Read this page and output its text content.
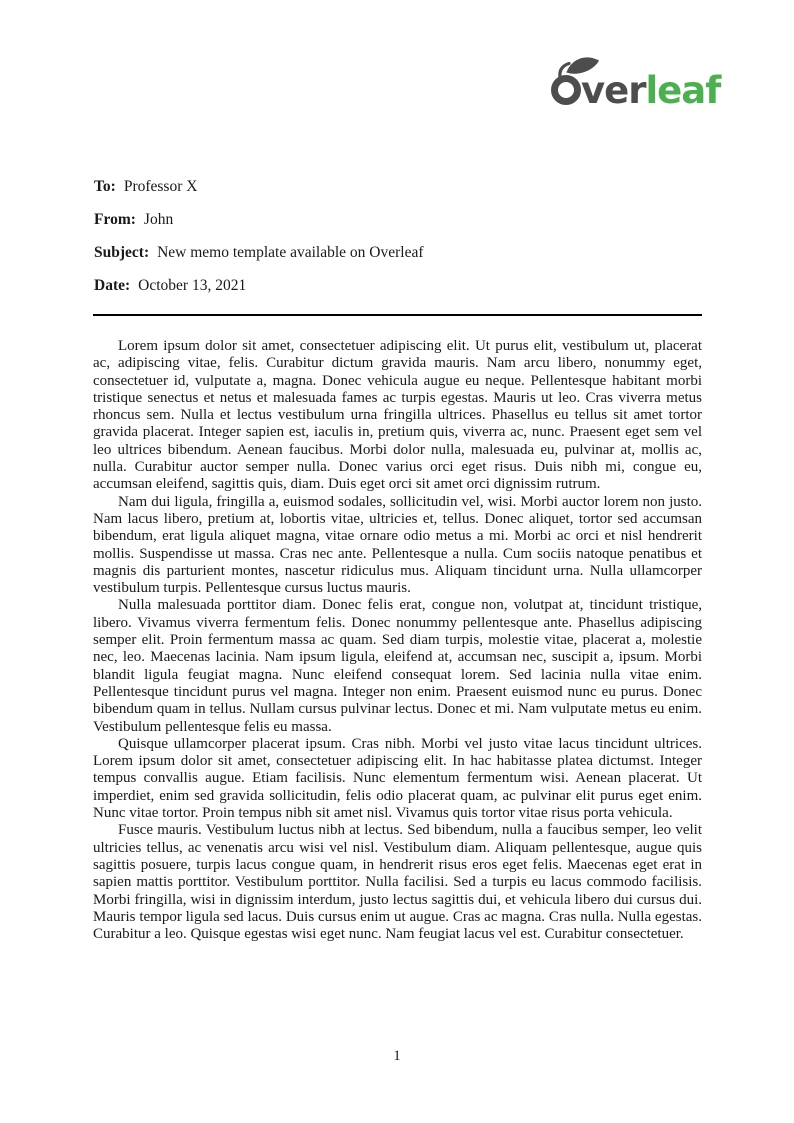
verleaf
To: Professor X
From: John
Subject: New memo template available on Overleaf
Date: October 13, 2021

Lorem ipsum dolor sit amet, consectetuer adipiscing elit. Ut purus elit, vestibulum ut, placerat ac, adipiscing vitae, felis. Curabitur dictum gravida mauris. Nam arcu libero, nonummy eget, consectetuer id, vulputate a, magna. Donec vehicula augue eu neque. Pellentesque habitant morbi tristique senectus et netus et malesuada fames ac turpis egestas. Mauris ut leo. Cras viverra metus rhoncus sem. Nulla et lectus vestibulum urna fringilla ultrices. Phasellus eu tellus sit amet tortor gravida placerat. Integer sapien est, iaculis in, pretium quis, viverra ac, nunc. Praesent eget sem vel leo ultrices bibendum. Aenean faucibus. Morbi dolor nulla, malesuada eu, pulvinar at, mollis ac, nulla. Curabitur auctor semper nulla. Donec varius orci eget risus. Duis nibh mi, congue eu, accumsan eleifend, sagittis quis, diam. Duis eget orci sit amet orci dignissim rutrum.

Nam dui ligula, fringilla a, euismod sodales, sollicitudin vel, wisi. Morbi auctor lorem non justo. Nam lacus libero, pretium at, lobortis vitae, ultricies et, tellus. Donec aliquet, tortor sed accumsan bibendum, erat ligula aliquet magna, vitae ornare odio metus a mi. Morbi ac orci et nisl hendrerit mollis. Suspendisse ut massa. Cras nec ante. Pellentesque a nulla. Cum sociis natoque penatibus et magnis dis parturient montes, nascetur ridiculus mus. Aliquam tincidunt urna. Nulla ullamcorper vestibulum turpis. Pellentesque cursus luctus mauris.

Nulla malesuada porttitor diam. Donec felis erat, congue non, volutpat at, tincidunt tristique, libero. Vivamus viverra fermentum felis. Donec nonummy pellentesque ante. Phasellus adipiscing semper elit. Proin fermentum massa ac quam. Sed diam turpis, molestie vitae, placerat a, molestie nec, leo. Maecenas lacinia. Nam ipsum ligula, eleifend at, accumsan nec, suscipit a, ipsum. Morbi blandit ligula feugiat magna. Nunc eleifend consequat lorem. Sed lacinia nulla vitae enim. Pellentesque tincidunt purus vel magna. Integer non enim. Praesent euismod nunc eu purus. Donec bibendum quam in tellus. Nullam cursus pulvinar lectus. Donec et mi. Nam vulputate metus eu enim. Vestibulum pellentesque felis eu massa.

Quisque ullamcorper placerat ipsum. Cras nibh. Morbi vel justo vitae lacus tincidunt ultrices. Lorem ipsum dolor sit amet, consectetuer adipiscing elit. In hac habitasse platea dictumst. Integer tempus convallis augue. Etiam facilisis. Nunc elementum fermentum wisi. Aenean placerat. Ut imperdiet, enim sed gravida sollicitudin, felis odio placerat quam, ac pulvinar elit purus eget enim. Nunc vitae tortor. Proin tempus nibh sit amet nisl. Vivamus quis tortor vitae risus porta vehicula.

Fusce mauris. Vestibulum luctus nibh at lectus. Sed bibendum, nulla a faucibus semper, leo velit ultricies tellus, ac venenatis arcu wisi vel nisl. Vestibulum diam. Aliquam pellentesque, augue quis sagittis posuere, turpis lacus congue quam, in hendrerit risus eros eget felis. Maecenas eget erat in sapien mattis porttitor. Vestibulum porttitor. Nulla facilisi. Sed a turpis eu lacus commodo facilisis. Morbi fringilla, wisi in dignissim interdum, justo lectus sagittis dui, et vehicula libero dui cursus dui. Mauris tempor ligula sed lacus. Duis cursus enim ut augue. Cras ac magna. Cras nulla. Nulla egestas. Curabitur a leo. Quisque egestas wisi eget nunc. Nam feugiat lacus vel est. Curabitur consectetuer.

1
